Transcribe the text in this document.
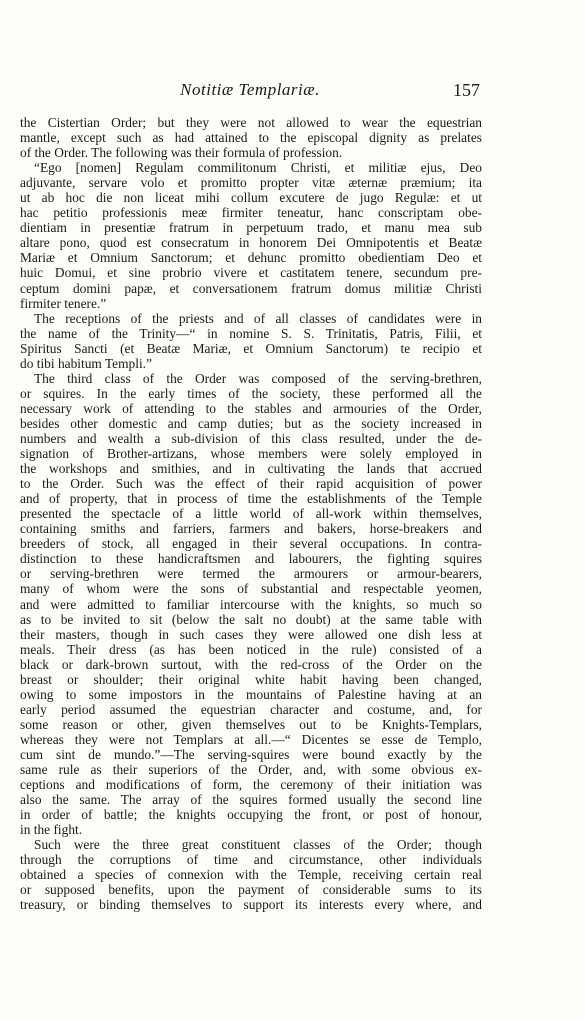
Notitiæ Templariæ.	157
the Cistertian Order; but they were not allowed to wear the equestrian
mantle, except such as had attained to the episcopal dignity as prelates
of the Order. The following was their formula of profession.
“Ego [nomen] Regulam commilitonum Christi, et militiæ ejus, Deo
adjuvante, servare volo et promitto propter vitæ æternæ præmium; ita
ut ab hoc die non liceat mihi collum excutere de jugo Regulæ: et ut
hac petitio professionis meæ firmiter teneatur, hanc conscriptam obe-
dientiam in presentiæ fratrum in perpetuum trado, et manu mea sub
altare pono, quod est consecratum in honorem Dei Omnipotentis et Beatæ
Mariæ et Omnium Sanctorum; et dehunc promitto obedientiam Deo et
huic Domui, et sine probrio vivere et castitatem tenere, secundum pre-
ceptum domini papæ, et conversationem fratrum domus militiæ Christi
firmiter tenere.”
The receptions of the priests and of all classes of candidates were in
the name of the Trinity—“ in nomine S. S. Trinitatis, Patris, Filii, et
Spiritus Sancti (et Beatæ Mariæ, et Omnium Sanctorum) te recipio et
do tibi habitum Templi.”
The third class of the Order was composed of the serving-brethren,
or squires. In the early times of the society, these performed all the
necessary work of attending to the stables and armouries of the Order,
besides other domestic and camp duties; but as the society increased in
numbers and wealth a sub-division of this class resulted, under the de-
signation of Brother-artizans, whose members were solely employed in
the workshops and smithies, and in cultivating the lands that accrued
to the Order. Such was the effect of their rapid acquisition of power
and of property, that in process of time the establishments of the Temple
presented the spectacle of a little world of all-work within themselves,
containing smiths and farriers, farmers and bakers, horse-breakers and
breeders of stock, all engaged in their several occupations. In contra-
distinction to these handicraftsmen and labourers, the fighting squires
or serving-brethren were termed the armourers or armour-bearers,
many of whom were the sons of substantial and respectable yeomen,
and were admitted to familiar intercourse with the knights, so much so
as to be invited to sit (below the salt no doubt) at the same table with
their masters, though in such cases they were allowed one dish less at
meals. Their dress (as has been noticed in the rule) consisted of a
black or dark-brown surtout, with the red-cross of the Order on the
breast or shoulder; their original white habit having been changed,
owing to some impostors in the mountains of Palestine having at an
early period assumed the equestrian character and costume, and, for
some reason or other, given themselves out to be Knights-Templars,
whereas they were not Templars at all.—“ Dicentes se esse de Templo,
cum sint de mundo.”—The serving-squires were bound exactly by the
same rule as their superiors of the Order, and, with some obvious ex-
ceptions and modifications of form, the ceremony of their initiation was
also the same. The array of the squires formed usually the second line
in order of battle; the knights occupying the front, or post of honour,
in the fight.
Such were the three great constituent classes of the Order; though
through the corruptions of time and circumstance, other individuals
obtained a species of connexion with the Temple, receiving certain real
or supposed benefits, upon the payment of considerable sums to its
treasury, or binding themselves to support its interests every where, and
